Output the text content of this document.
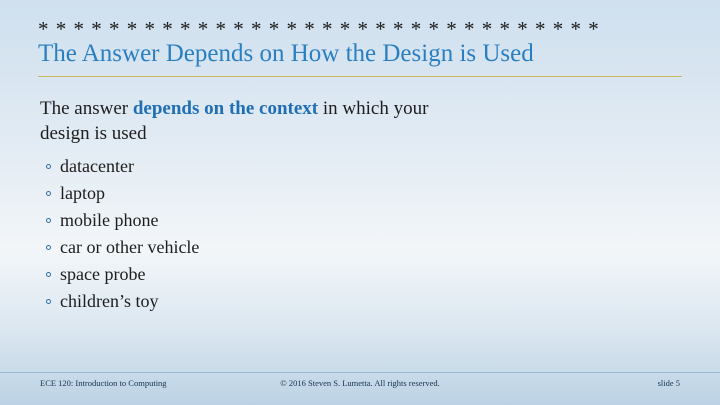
* * * * * * * * * * * * * * * * * * * * * * * * * * * * * * * *
The Answer Depends on How the Design is Used
The answer depends on the context in which your design is used
datacenter
laptop
mobile phone
car or other vehicle
space probe
children’s toy
ECE 120: Introduction to Computing	© 2016 Steven S. Lumetta. All rights reserved.	slide 5
